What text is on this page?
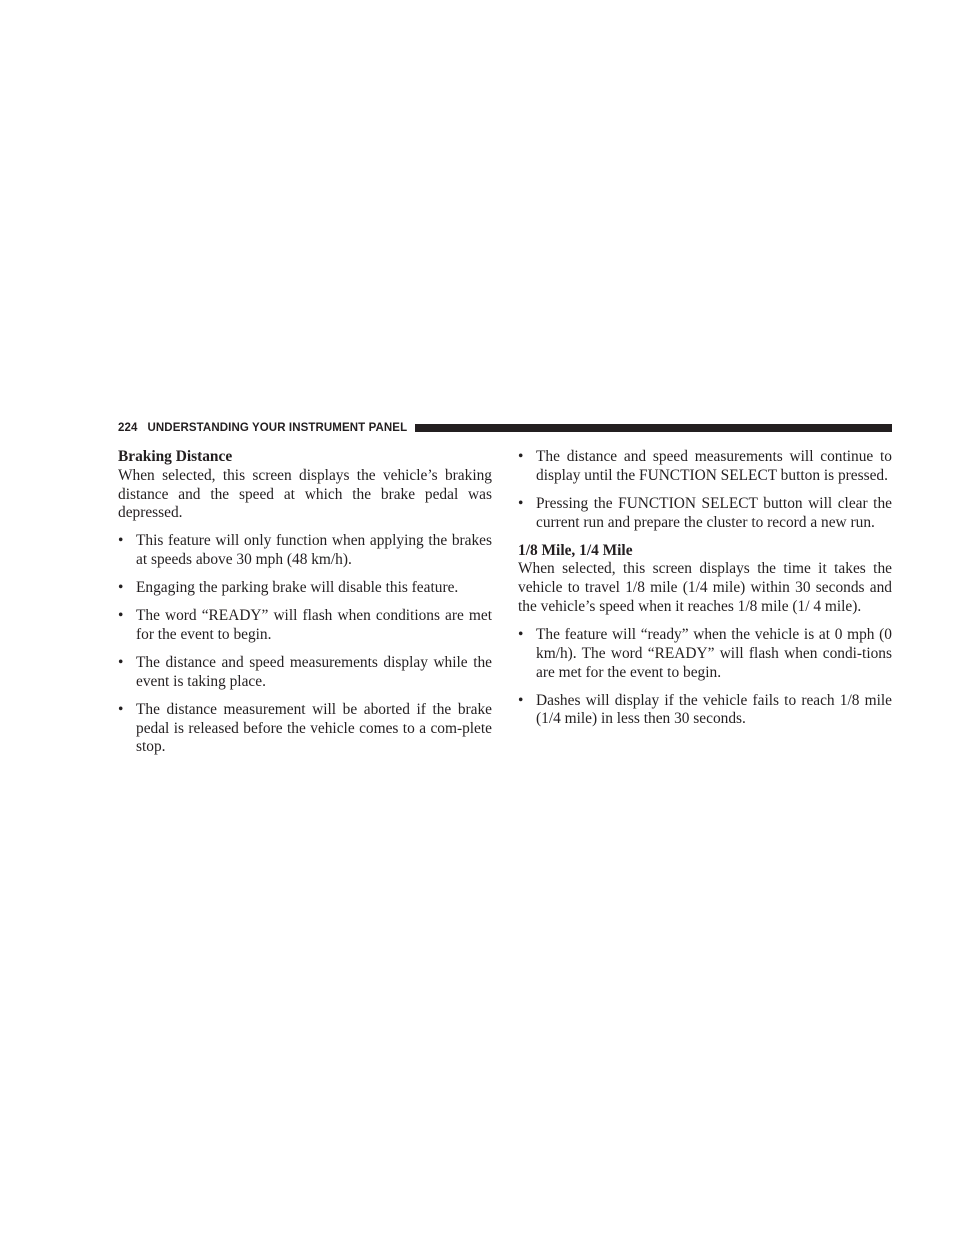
224 UNDERSTANDING YOUR INSTRUMENT PANEL

Braking Distance

When selected, this screen displays the vehicle’s braking distance and the speed at which the brake pedal was depressed.

• This feature will only function when applying the brakes at speeds above 30 mph (48 km/h).
• Engaging the parking brake will disable this feature.
• The word “READY” will flash when conditions are met for the event to begin.
• The distance and speed measurements display while the event is taking place.
• The distance measurement will be aborted if the brake pedal is released before the vehicle comes to a com-plete stop.
• The distance and speed measurements will continue to display until the FUNCTION SELECT button is pressed.
• Pressing the FUNCTION SELECT button will clear the current run and prepare the cluster to record a new run.

1/8 Mile, 1/4 Mile

When selected, this screen displays the time it takes the vehicle to travel 1/8 mile (1/4 mile) within 30 seconds and the vehicle’s speed when it reaches 1/8 mile (1/ 4 mile).

• The feature will “ready” when the vehicle is at 0 mph (0 km/h). The word “READY” will flash when condi-tions are met for the event to begin.
• Dashes will display if the vehicle fails to reach 1/8 mile (1/4 mile) in less then 30 seconds.
